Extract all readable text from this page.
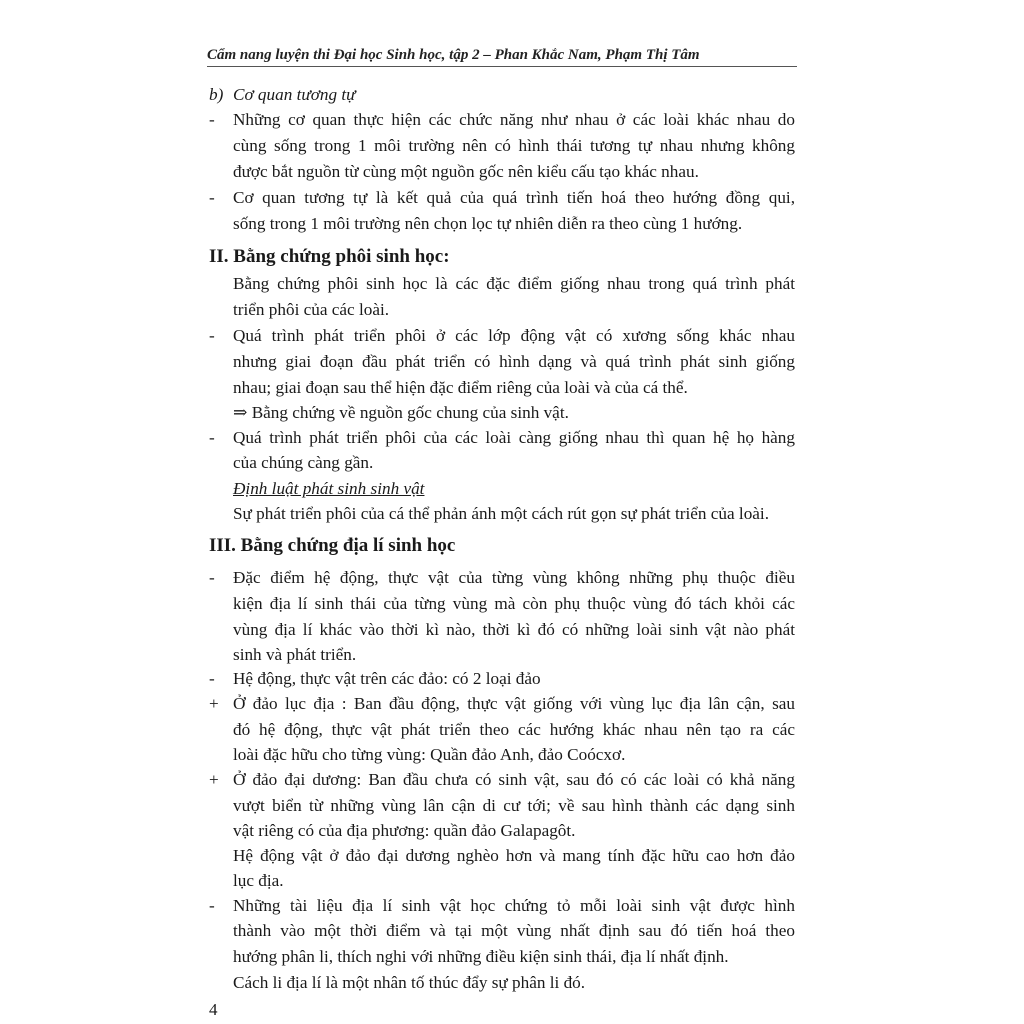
Cẩm nang luyện thi Đại học Sinh học, tập 2 – Phan Khắc Nam, Phạm Thị Tâm
b) Cơ quan tương tự
-	Những cơ quan thực hiện các chức năng như nhau ở các loài khác nhau do
cùng sống trong 1 môi trường nên có hình thái tương tự nhau nhưng không
được bắt nguồn từ cùng một nguồn gốc nên kiểu cấu tạo khác nhau.
-	Cơ quan tương tự là kết quả của quá trình tiến hoá theo hướng đồng qui,
sống trong 1 môi trường nên chọn lọc tự nhiên diễn ra theo cùng 1 hướng.
II. Bằng chứng phôi sinh học:
Bằng chứng phôi sinh học là các đặc điểm giống nhau trong quá trình phát
triển phôi của các loài.
-	Quá trình phát triển phôi ở các lớp động vật có xương sống khác nhau
nhưng giai đoạn đầu phát triển có hình dạng và quá trình phát sinh giống
nhau; giai đoạn sau thể hiện đặc điểm riêng của loài và của cá thể.
⇒ Bằng chứng về nguồn gốc chung của sinh vật.
-	Quá trình phát triển phôi của các loài càng giống nhau thì quan hệ họ hàng
của chúng càng gần.
Định luật phát sinh sinh vật
Sự phát triển phôi của cá thể phản ánh một cách rút gọn sự phát triển của loài.
III. Bằng chứng địa lí sinh học
-	Đặc điểm hệ động, thực vật của từng vùng không những phụ thuộc điều
kiện địa lí sinh thái của từng vùng mà còn phụ thuộc vùng đó tách khỏi các
vùng địa lí khác vào thời kì nào, thời kì đó có những loài sinh vật nào phát
sinh và phát triển.
-	Hệ động, thực vật trên các đảo: có 2 loại đảo
+ Ở đảo lục địa : Ban đầu động, thực vật giống với vùng lục địa lân cận, sau
đó hệ động, thực vật phát triển theo các hướng khác nhau nên tạo ra các
loài đặc hữu cho từng vùng: Quần đảo Anh, đảo Coócxơ.
+ Ở đảo đại dương: Ban đầu chưa có sinh vật, sau đó có các loài có khả năng
vượt biển từ những vùng lân cận di cư tới; về sau hình thành các dạng sinh
vật riêng có của địa phương: quần đảo Galapagôt.
Hệ động vật ở đảo đại dương nghèo hơn và mang tính đặc hữu cao hơn đảo
lục địa.
-	Những tài liệu địa lí sinh vật học chứng tỏ mỗi loài sinh vật được hình
thành vào một thời điểm và tại một vùng nhất định sau đó tiến hoá theo
hướng phân li, thích nghi với những điều kiện sinh thái, địa lí nhất định.
Cách li địa lí là một nhân tố thúc đẩy sự phân li đó.
4
